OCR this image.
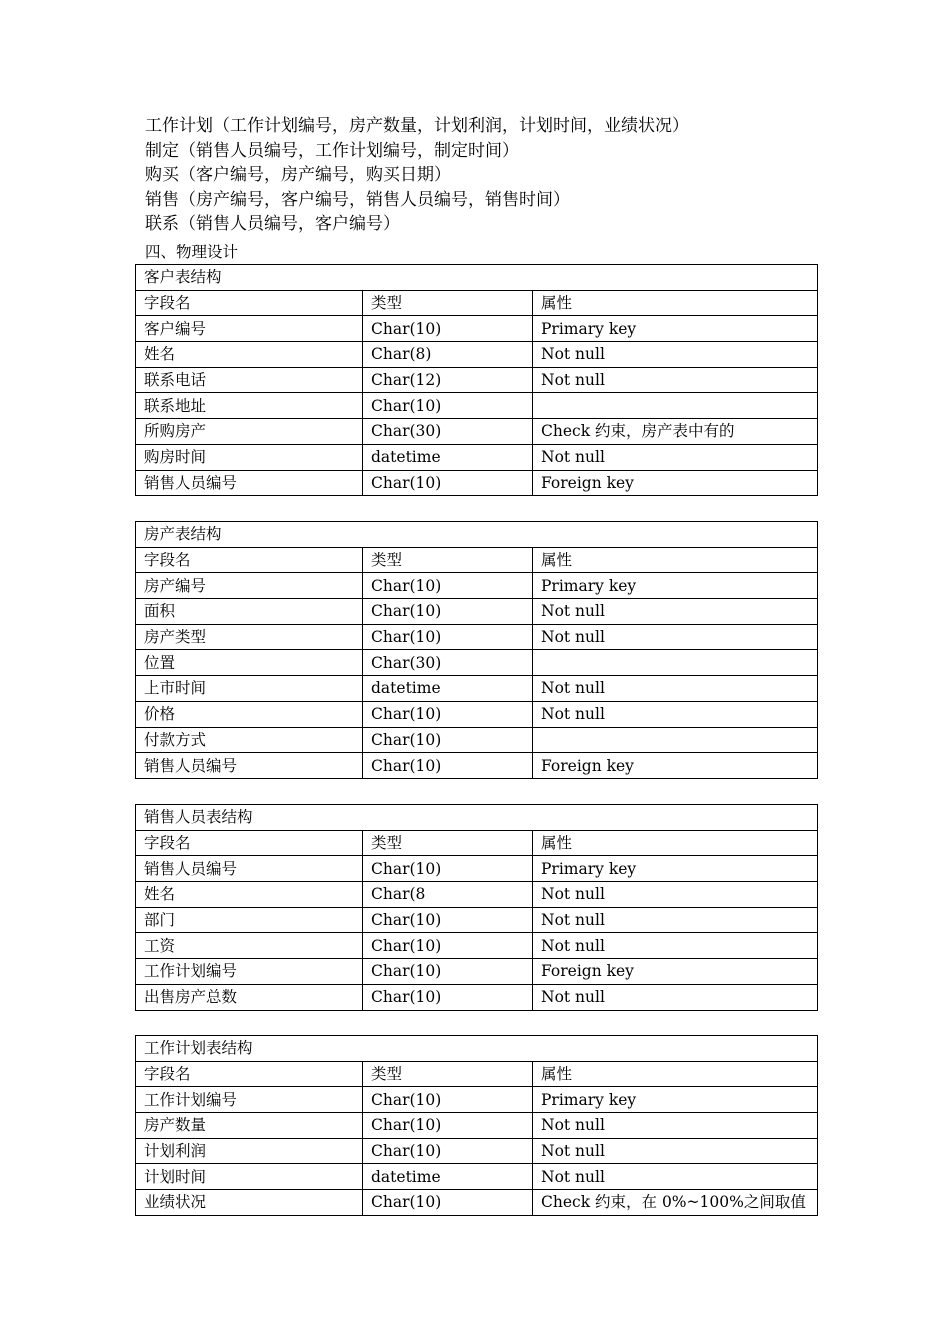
工作计划（工作计划编号，房产数量，计划利润，计划时间，业绩状况）
制定（销售人员编号，工作计划编号，制定时间）
购买（客户编号，房产编号，购买日期）
销售（房产编号，客户编号，销售人员编号，销售时间）
联系（销售人员编号，客户编号）
四、物理设计
客户表结构		
字段名	类型	属性
客户编号	Char(10)	Primary key
姓名	Char(8)	Not null
联系电话	Char(12)	Not null
联系地址	Char(10)	
所购房产	Char(30)	Check 约束，房产表中有的
购房时间	datetime	Not null
销售人员编号	Char(10)	Foreign key
房产表结构		
字段名	类型	属性
房产编号	Char(10)	Primary key
面积	Char(10)	Not null
房产类型	Char(10)	Not null
位置	Char(30)	
上市时间	datetime	Not null
价格	Char(10)	Not null
付款方式	Char(10)	
销售人员编号	Char(10)	Foreign key
销售人员表结构		
字段名	类型	属性
销售人员编号	Char(10)	Primary key
姓名	Char(8	Not null
部门	Char(10)	Not null
工资	Char(10)	Not null
工作计划编号	Char(10)	Foreign key
出售房产总数	Char(10)	Not null
工作计划表结构		
字段名	类型	属性
工作计划编号	Char(10)	Primary key
房产数量	Char(10)	Not null
计划利润	Char(10)	Not null
计划时间	datetime	Not null
业绩状况	Char(10)	Check 约束，在 0%~100%之间取值
